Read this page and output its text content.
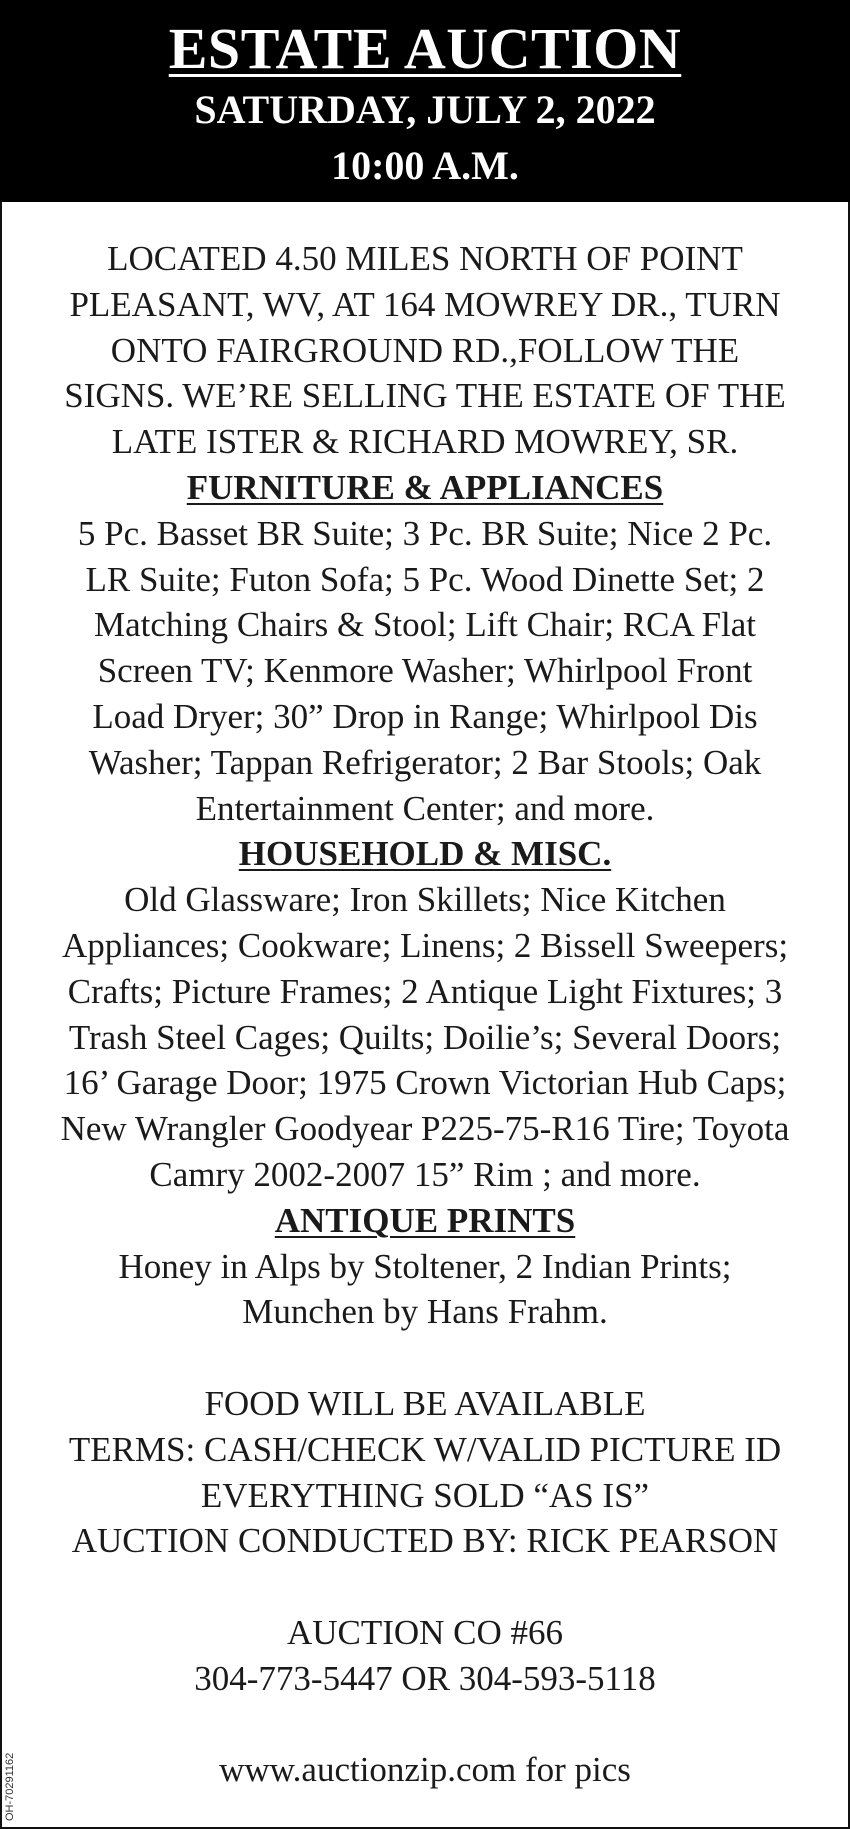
ESTATE AUCTION
SATURDAY, JULY 2, 2022
10:00 A.M.
LOCATED 4.50 MILES NORTH OF POINT
PLEASANT, WV, AT 164 MOWREY DR., TURN
ONTO FAIRGROUND RD.,FOLLOW THE
SIGNS. WE’RE SELLING THE ESTATE OF THE
LATE ISTER & RICHARD MOWREY, SR.
FURNITURE & APPLIANCES
5 Pc. Basset BR Suite; 3 Pc. BR Suite; Nice 2 Pc.
LR Suite; Futon Sofa; 5 Pc. Wood Dinette Set; 2
Matching Chairs & Stool; Lift Chair; RCA Flat
Screen TV; Kenmore Washer; Whirlpool Front
Load Dryer; 30” Drop in Range; Whirlpool Dis
Washer; Tappan Refrigerator; 2 Bar Stools; Oak
Entertainment Center; and more.
HOUSEHOLD & MISC.
Old Glassware; Iron Skillets; Nice Kitchen
Appliances; Cookware; Linens; 2 Bissell Sweepers;
Crafts; Picture Frames; 2 Antique Light Fixtures; 3
Trash Steel Cages; Quilts; Doilie’s; Several Doors;
16’ Garage Door; 1975 Crown Victorian Hub Caps;
New Wrangler Goodyear P225-75-R16 Tire; Toyota
Camry 2002-2007 15” Rim ; and more.
ANTIQUE PRINTS
Honey in Alps by Stoltener, 2 Indian Prints;
Munchen by Hans Frahm.
FOOD WILL BE AVAILABLE
TERMS: CASH/CHECK W/VALID PICTURE ID
EVERYTHING SOLD “AS IS”
AUCTION CONDUCTED BY: RICK PEARSON
AUCTION CO #66
304-773-5447 OR 304-593-5118
www.auctionzip.com for pics
OH-70291162
